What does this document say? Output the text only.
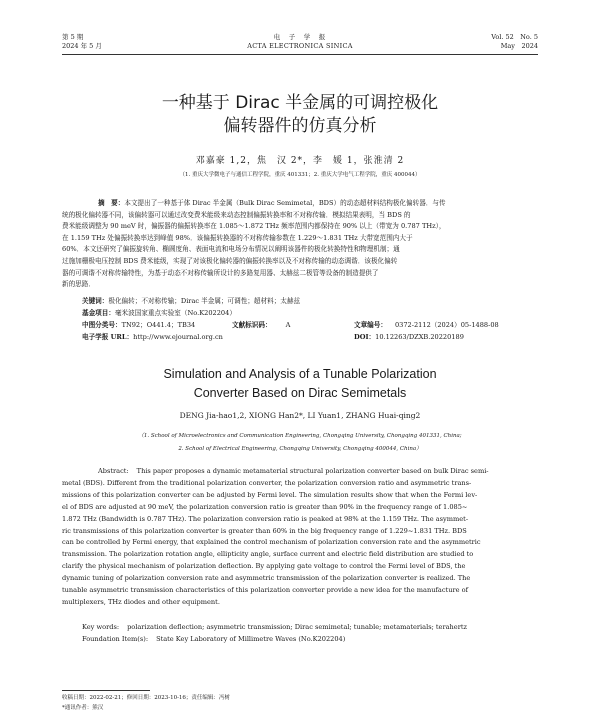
第 5 期
2024 年 5 月
电　子　学　报
ACTA ELECTRONICA SINICA
Vol. 52　No. 5
May　2024
一种基于 Dirac 半金属的可调控极化
偏转器件的仿真分析
邓嘉豪 1,2，焦　汉 2*，李　媛 1，张淮清 2
（1. 重庆大学微电子与通信工程学院，重庆 401331；2. 重庆大学电气工程学院，重庆 400044）
摘　要：本文提出了一种基于体 Dirac 半金属（Bulk Dirac Semimetal，BDS）的动态超材料结构极化偏转器．与传
统的极化偏转器不同，该偏转器可以通过改变费米能级来动态控制偏振转换率和不对称传输．模拟结果表明，当 BDS 的
费米能级调整为 90 meV 时，偏振器的偏振转换率在 1.085～1.872 THz 频率范围内都保持在 90% 以上（带宽为 0.787 THz），
在 1.159 THz 处偏振转换率达到峰值 98%．该偏振转换器的不对称传输参数在 1.229～1.831 THz 大带宽范围内大于
60%．本文还研究了偏振旋转角、椭圆度角、表面电流和电场分布情况以阐明该器件的极化转换特性和物理机制；通
过施加栅极电压控制 BDS 费米能级，实现了对该极化偏转器的偏振转换率以及不对称传输的动态调谐．该极化偏转
器的可调谐不对称传输特性，为基于动态不对称传输所设计的多路复用器、太赫兹二极管等设备的制造提供了
新的思路．
关键词：极化偏转；不对称传输；Dirac 半金属；可调性；超材料；太赫兹
基金项目：毫米波国家重点实验室（No.K202204）
中图分类号：TN92；O441.4；TB34	文献标识码： A	文章编号： 0372-2112（2024）05-1488-08
电子学报 URL：http://www.ejournal.org.cn	DOI：10.12263/DZXB.20220189
Simulation and Analysis of a Tunable Polarization
Converter Based on Dirac Semimetals
DENG Jia-hao1,2, XIONG Han2*, LI Yuan1, ZHANG Huai-qing2
（1. School of Microelectronics and Communication Engineering, Chongqing University, Chongqing 401331, China;
2. School of Electrical Engineering, Chongqing University, Chongqing 400044, China）
Abstract: This paper proposes a dynamic metamaterial structural polarization converter based on bulk Dirac semi-
metal (BDS). Different from the traditional polarization converter, the polarization conversion ratio and asymmetric trans-
missions of this polarization converter can be adjusted by Fermi level. The simulation results show that when the Fermi lev-
el of BDS are adjusted at 90 meV, the polarization conversion ratio is greater than 90% in the frequency range of 1.085~
1.872 THz (Bandwidth is 0.787 THz). The polarization conversion ratio is peaked at 98% at the 1.159 THz. The asymmet-
ric transmissions of this polarization converter is greater than 60% in the big frequency range of 1.229~1.831 THz. BDS
can be controlled by Fermi energy, that explained the control mechanism of polarization conversion rate and the asymmetric
transmission. The polarization rotation angle, ellipticity angle, surface current and electric field distribution are studied to
clarify the physical mechanism of polarization deflection. By applying gate voltage to control the Fermi level of BDS, the
dynamic tuning of polarization conversion rate and asymmetric transmission of the polarization converter is realized. The
tunable asymmetric transmission characteristics of this polarization converter provide a new idea for the manufacture of
multiplexers, THz diodes and other equipment.
Key words: polarization deflection; asymmetric transmission; Dirac semimetal; tunable; metamaterials; terahertz
Foundation Item(s): State Key Laboratory of Millimetre Waves (No.K202204)
收稿日期：2022-02-21；修回日期：2023-10-16；责任编辑：冯树
*通讯作者：熊汉
